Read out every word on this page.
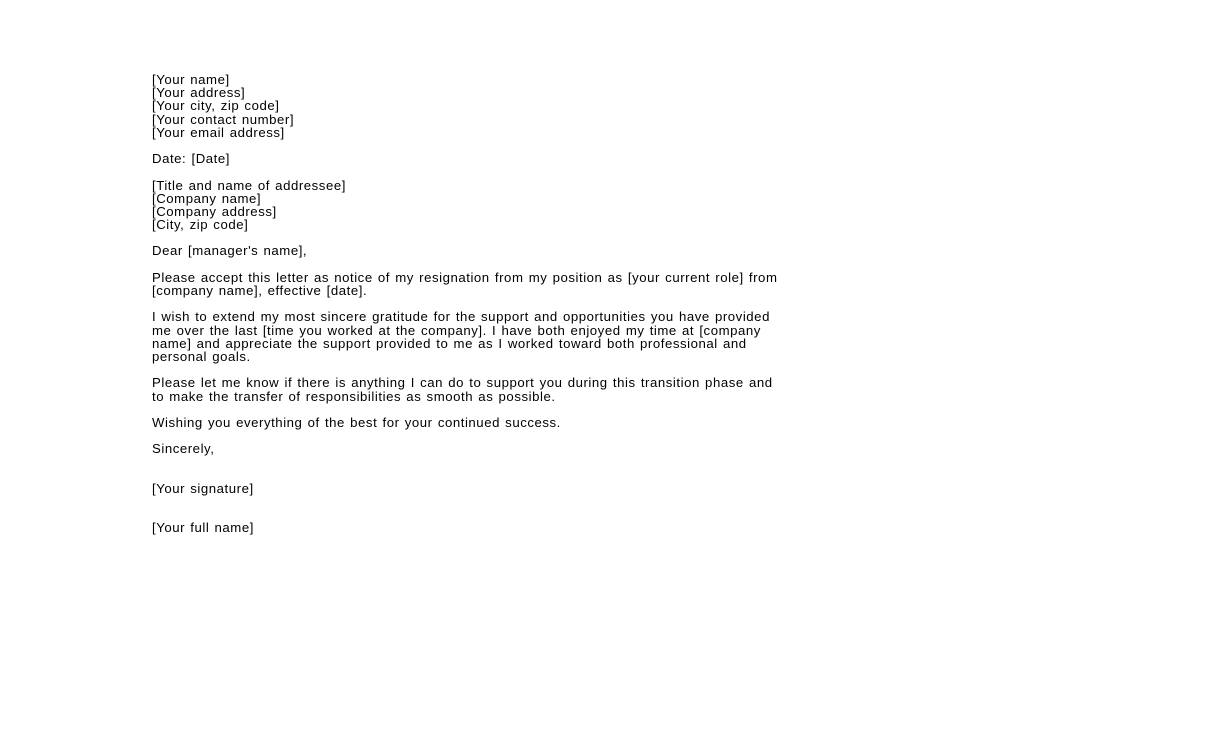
[Your name]
[Your address]
[Your city, zip code]
[Your contact number]
[Your email address]
Date: [Date]
[Title and name of addressee]
[Company name]
[Company address]
[City, zip code]
Dear [manager's name],
Please accept this letter as notice of my resignation from my position as [your current role] from
[company name], effective [date].
I wish to extend my most sincere gratitude for the support and opportunities you have provided
me over the last [time you worked at the company]. I have both enjoyed my time at [company
name] and appreciate the support provided to me as I worked toward both professional and
personal goals.
Please let me know if there is anything I can do to support you during this transition phase and
to make the transfer of responsibilities as smooth as possible.
Wishing you everything of the best for your continued success.
Sincerely,
[Your signature]
[Your full name]
